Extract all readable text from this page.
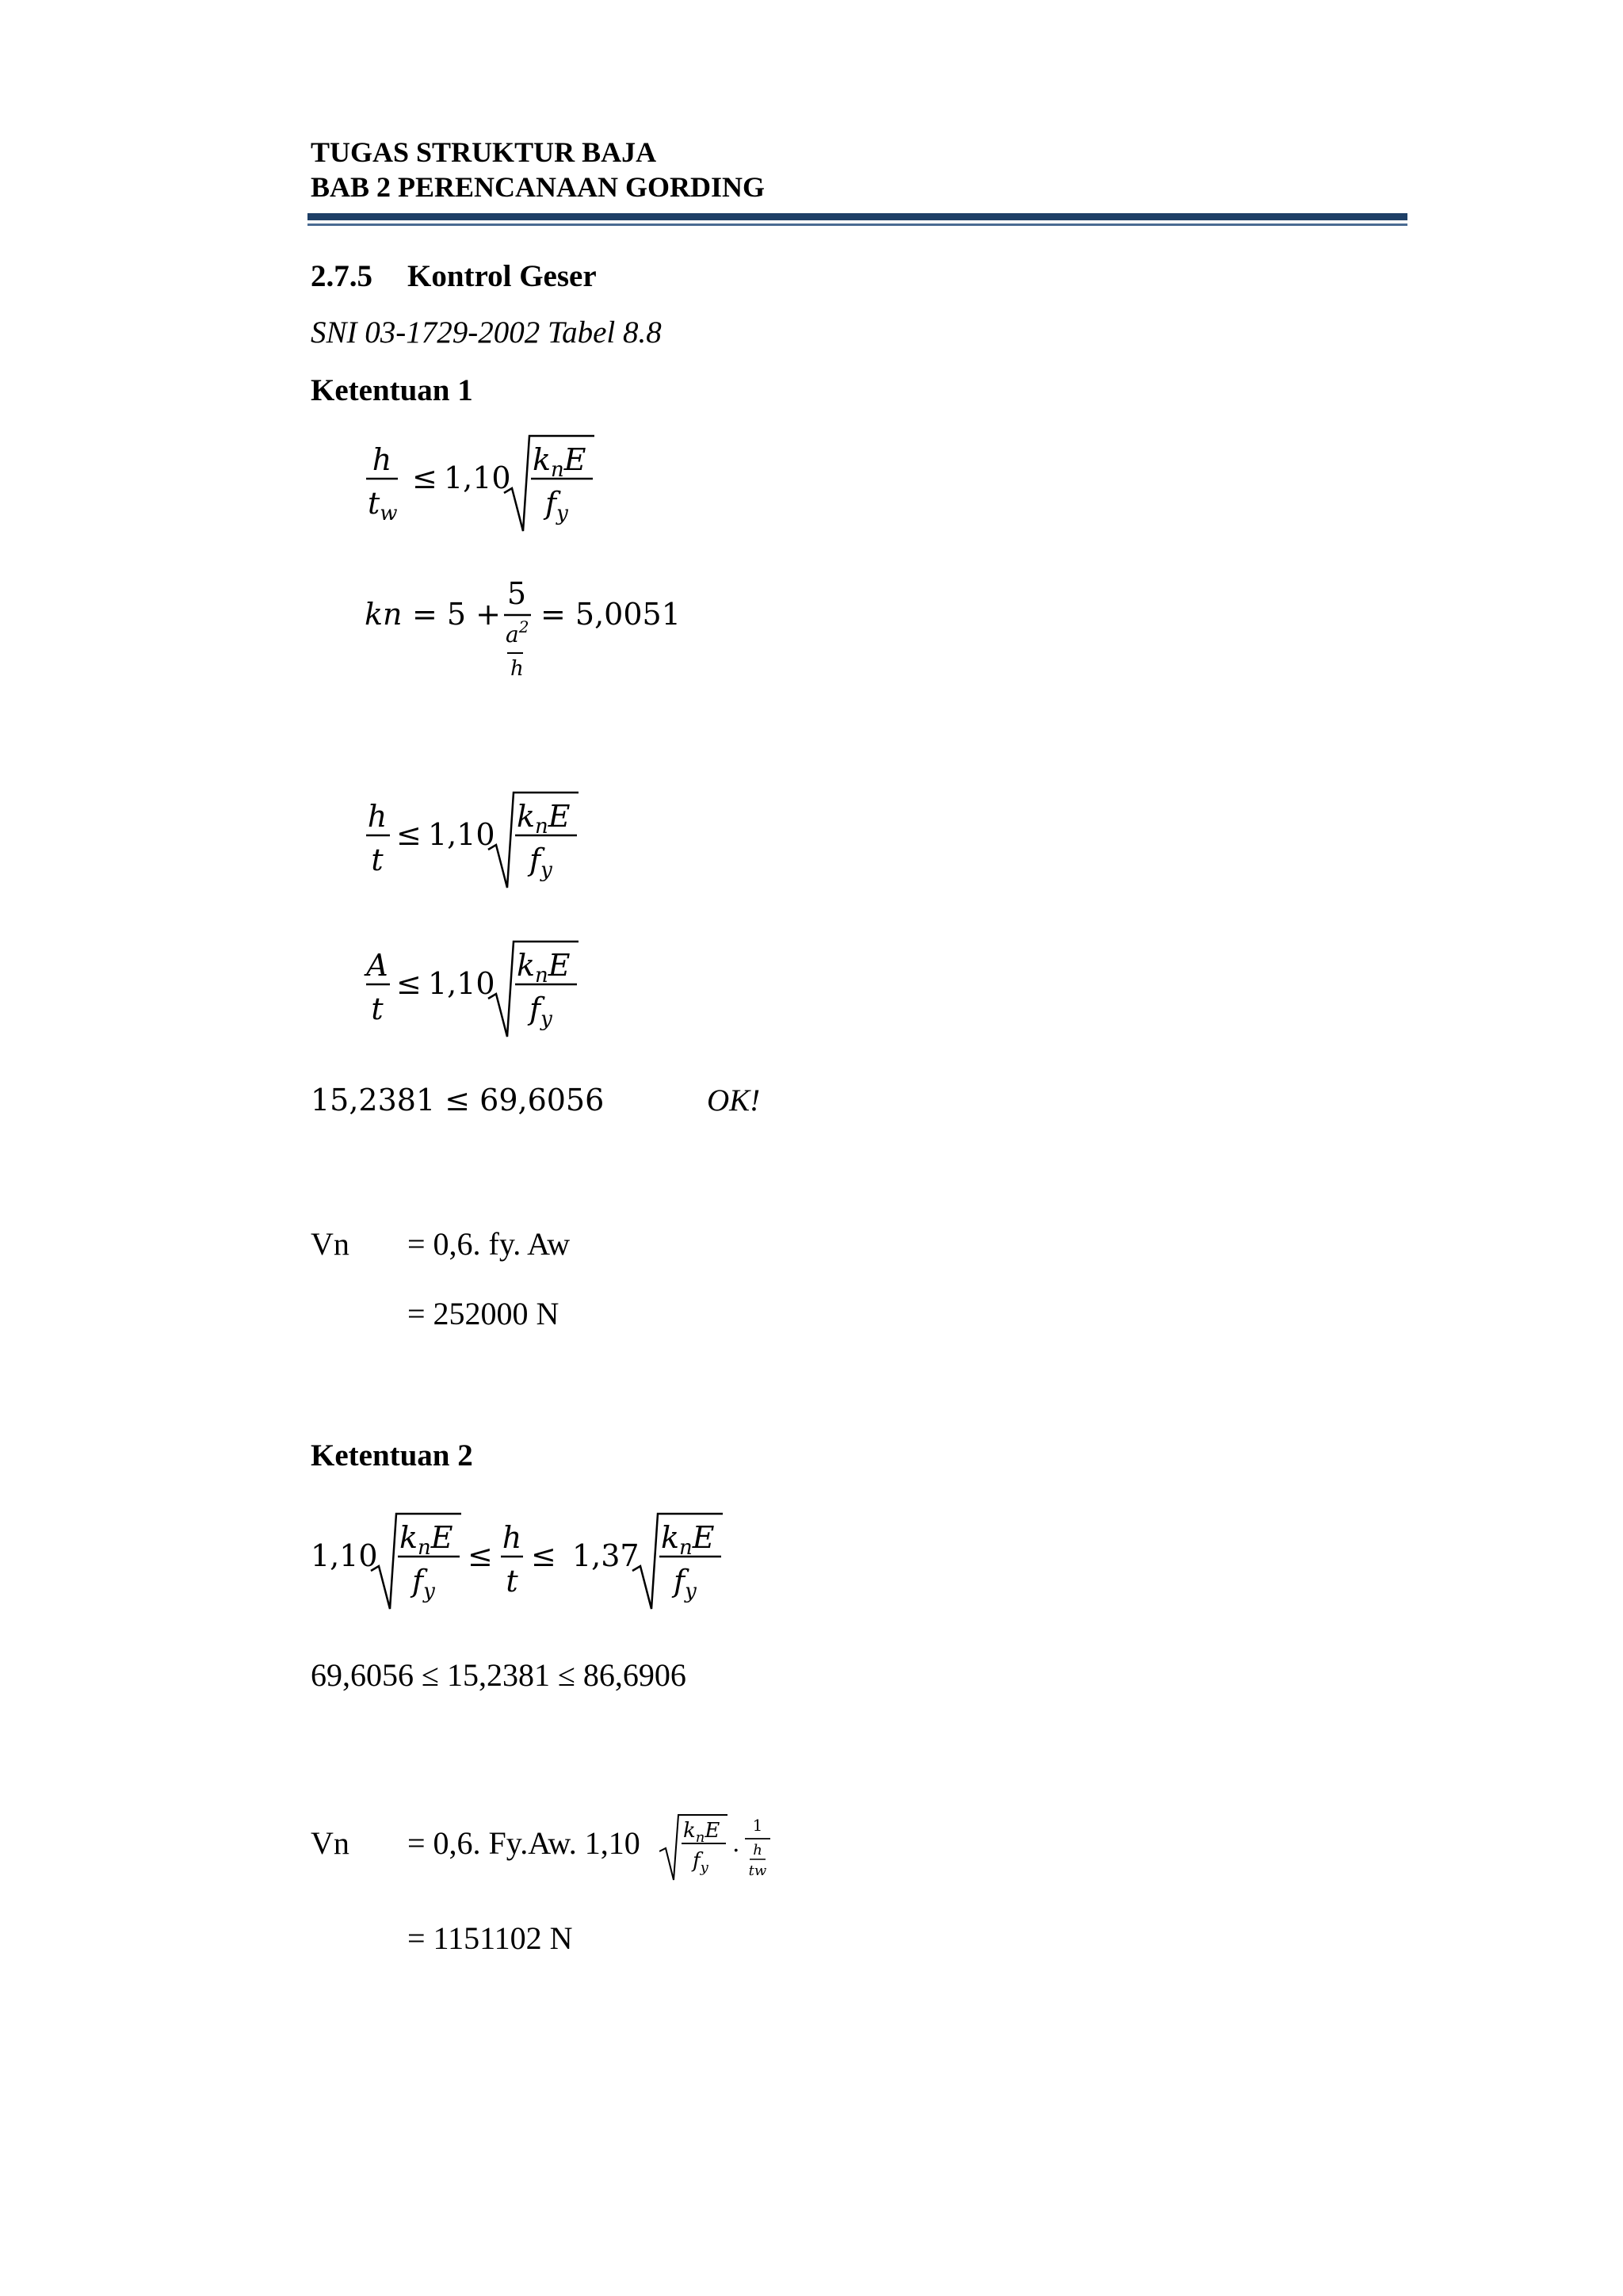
TUGAS STRUKTUR BAJA
BAB 2 PERENCANAAN GORDING
2.7.5 Kontrol Geser
SNI 03-1729-2002 Tabel 8.8
Ketentuan 1
h
$t_w$
≤ 1,10
$k_nE$
$f_y$
kn = 5 +
5
$a^2$
h
= 5,0051
h
t
≤ 1,10
$k_nE$
$f_y$
A
t
≤ 1,10
$k_nE$
$f_y$
15,2381 ≤ 69,6056	OK!
Vn = 0,6. fy. Aw
= 252000 N
Ketentuan 2
1,10
$k_nE$
$f_y$
≤
h
t
≤ 1,37
$k_nE$
$f_y$
69,6056 ≤ 15,2381 ≤ 86,6906
Vn = 0,6. Fy.Aw. 1,10 $k_nE$
$f_y$
.
1
h
tw
= 1151102 N
